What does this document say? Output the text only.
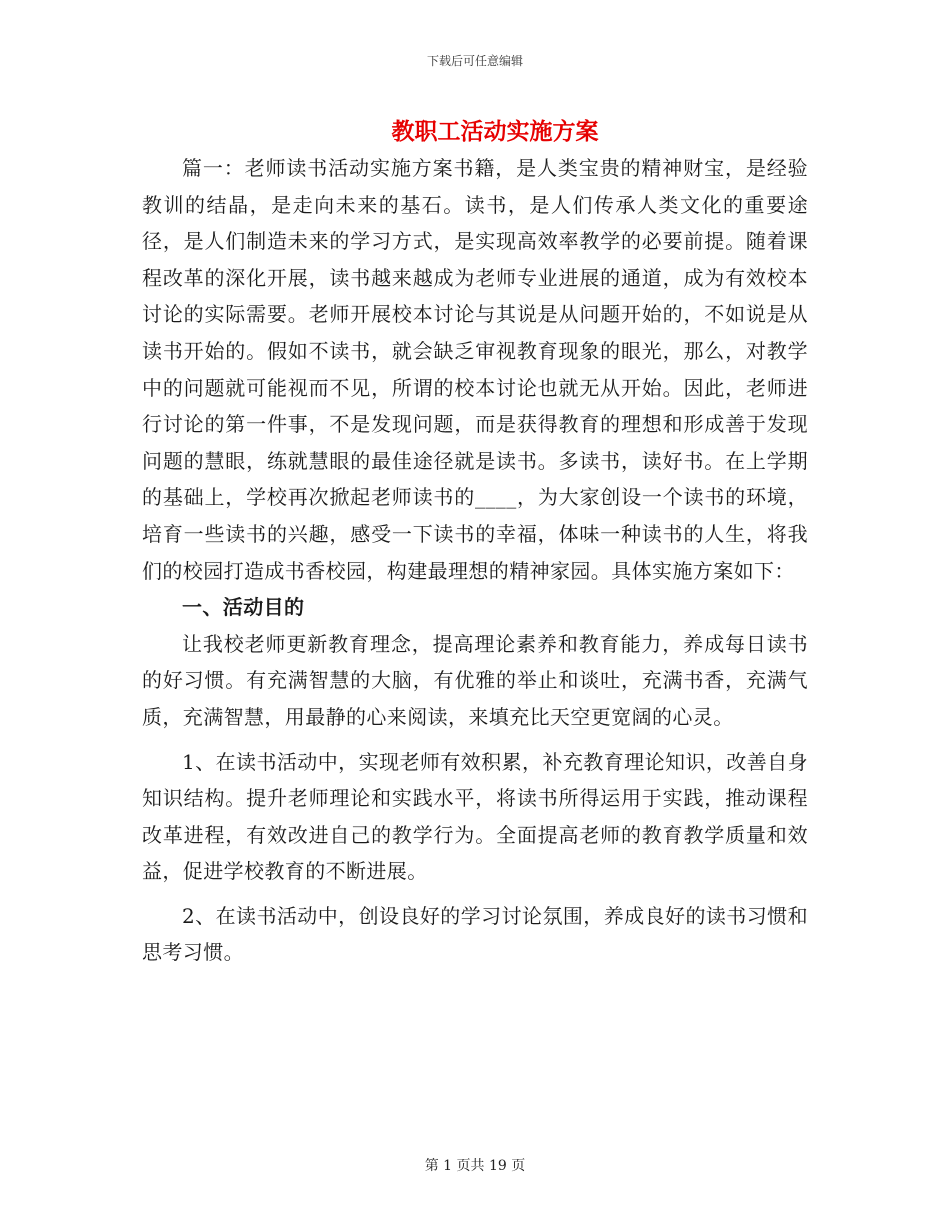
下载后可任意编辑
教职工活动实施方案

篇一：老师读书活动实施方案书籍，是人类宝贵的精神财宝，是经验教训的结晶，是走向未来的基石。读书，是人们传承人类文化的重要途径，是人们制造未来的学习方式，是实现高效率教学的必要前提。随着课程改革的深化开展，读书越来越成为老师专业进展的通道，成为有效校本讨论的实际需要。老师开展校本讨论与其说是从问题开始的，不如说是从读书开始的。假如不读书，就会缺乏审视教育现象的眼光，那么，对教学中的问题就可能视而不见，所谓的校本讨论也就无从开始。因此，老师进行讨论的第一件事，不是发现问题，而是获得教育的理想和形成善于发现问题的慧眼，练就慧眼的最佳途径就是读书。多读书，读好书。在上学期的基础上，学校再次掀起老师读书的____，为大家创设一个读书的环境，培育一些读书的兴趣，感受一下读书的幸福，体味一种读书的人生，将我们的校园打造成书香校园，构建最理想的精神家园。具体实施方案如下：

一、活动目的

让我校老师更新教育理念，提高理论素养和教育能力，养成每日读书的好习惯。有充满智慧的大脑，有优雅的举止和谈吐，充满书香，充满气质，充满智慧，用最静的心来阅读，来填充比天空更宽阔的心灵。

1、在读书活动中，实现老师有效积累，补充教育理论知识，改善自身知识结构。提升老师理论和实践水平，将读书所得运用于实践，推动课程改革进程，有效改进自己的教学行为。全面提高老师的教育教学质量和效益，促进学校教育的不断进展。

2、在读书活动中，创设良好的学习讨论氛围，养成良好的读书习惯和思考习惯。

第 1 页共 19 页
